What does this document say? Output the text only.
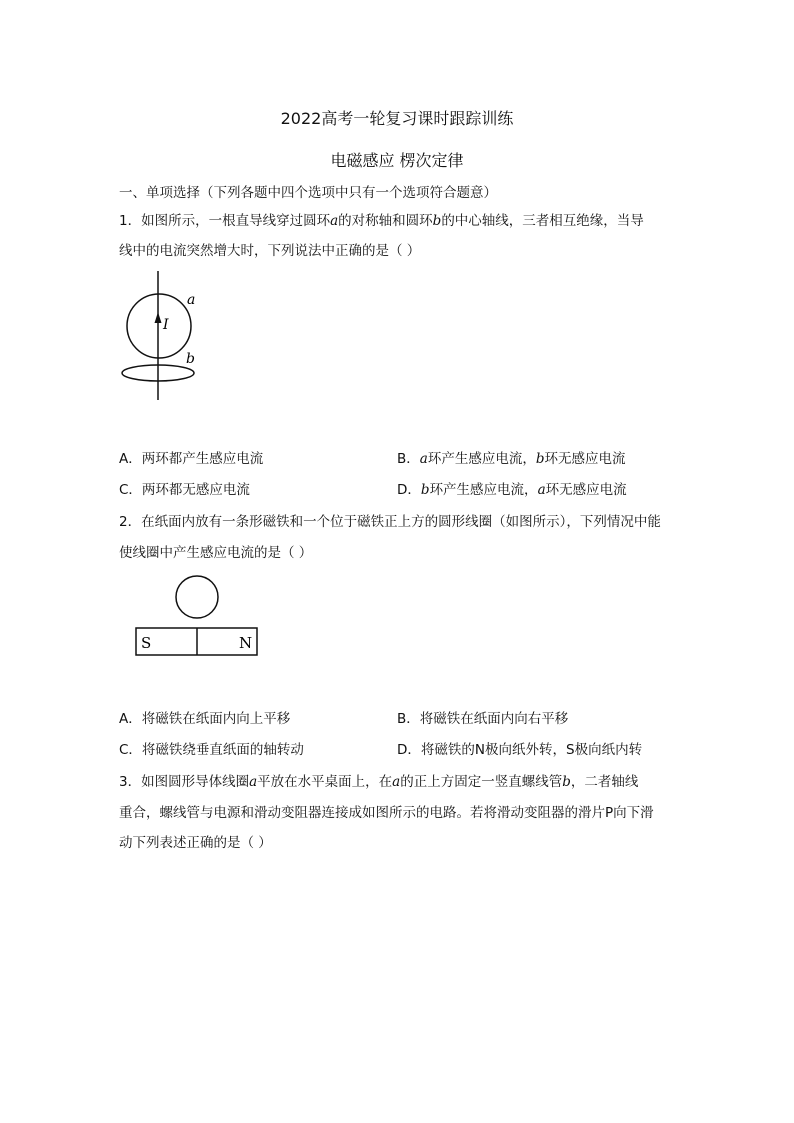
2022高考一轮复习课时跟踪训练
电磁感应 楞次定律
一、单项选择（下列各题中四个选项中只有一个选项符合题意）
1．如图所示，一根直导线穿过圆环a的对称轴和圆环b的中心轴线，三者相互绝缘，当导
线中的电流突然增大时，下列说法中正确的是（ ）
a
I
b
A．两环都产生感应电流	B．a环产生感应电流，b环无感应电流
C．两环都无感应电流	D．b环产生感应电流，a环无感应电流
2．在纸面内放有一条形磁铁和一个位于磁铁正上方的圆形线圈（如图所示），下列情况中能
使线圈中产生感应电流的是（ ）
S	N
A．将磁铁在纸面内向上平移	B．将磁铁在纸面内向右平移
C．将磁铁绕垂直纸面的轴转动	D．将磁铁的N极向纸外转，S极向纸内转
3．如图圆形导体线圈a平放在水平桌面上，在a的正上方固定一竖直螺线管b，二者轴线
重合，螺线管与电源和滑动变阻器连接成如图所示的电路。若将滑动变阻器的滑片P向下滑
动下列表述正确的是（ ）
